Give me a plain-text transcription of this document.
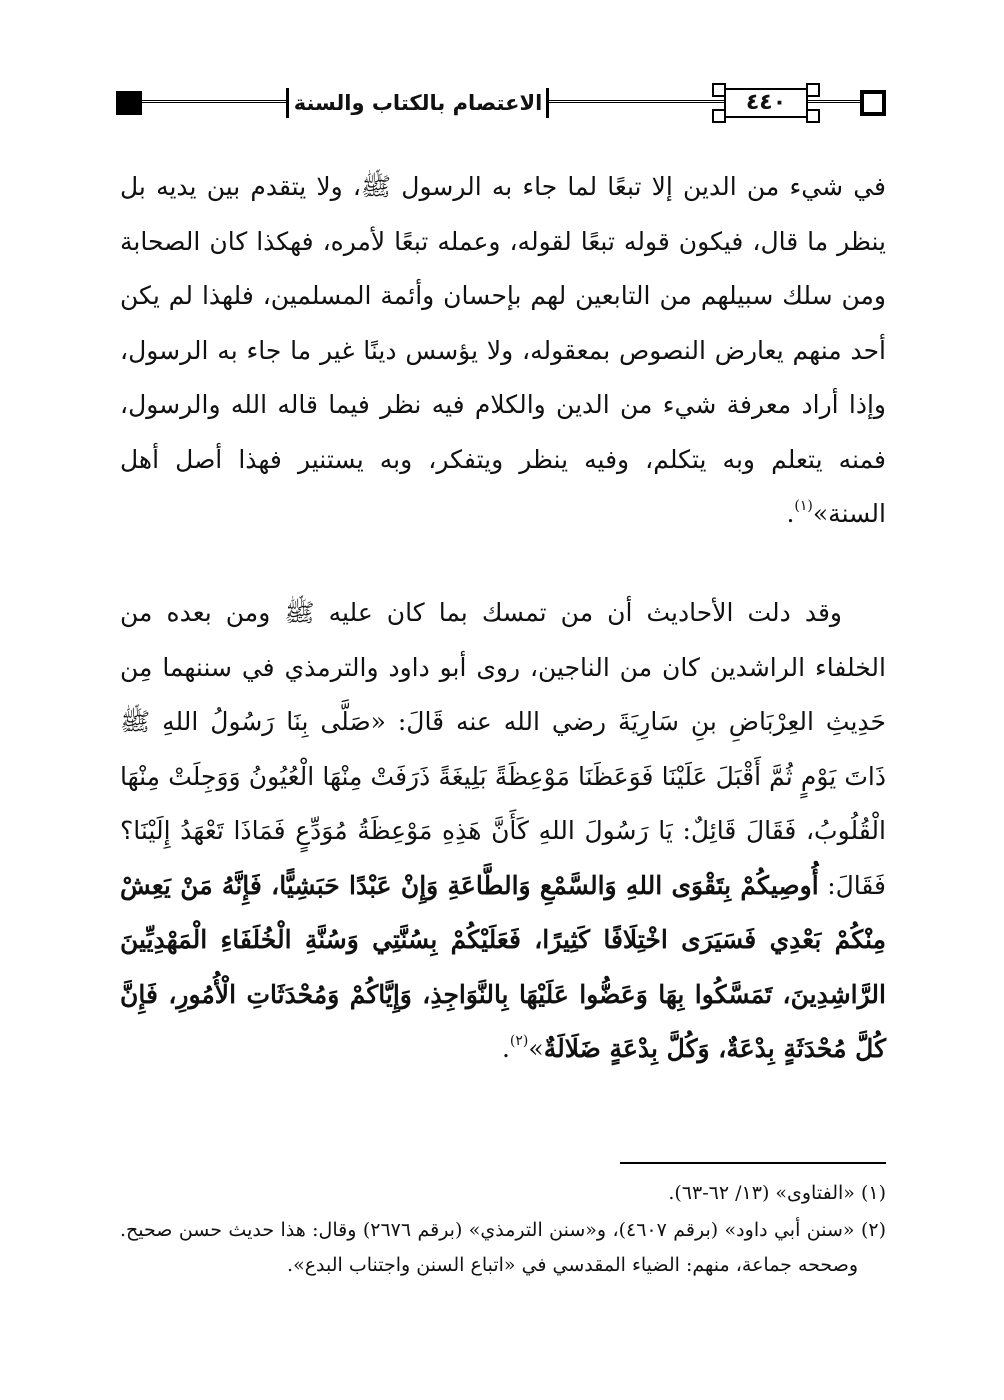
الاعتصام بالكتاب والسنة	٤٤٠
في شيء من الدين إلا تبعًا لما جاء به الرسول ﷺ، ولا يتقدم بين يديه بل ينظر ما قال، فيكون قوله تبعًا لقوله، وعمله تبعًا لأمره، فهكذا كان الصحابة ومن سلك سبيلهم من التابعين لهم بإحسان وأئمة المسلمين، فلهذا لم يكن أحد منهم يعارض النصوص بمعقوله، ولا يؤسس دينًا غير ما جاء به الرسول، وإذا أراد معرفة شيء من الدين والكلام فيه نظر فيما قاله الله والرسول، فمنه يتعلم وبه يتكلم، وفيه ينظر ويتفكر، وبه يستنير فهذا أصل أهل السنة»$^{(١)}$.
وقد دلت الأحاديث أن من تمسك بما كان عليه ﷺ ومن بعده من الخلفاء الراشدين كان من الناجين، روى أبو داود والترمذي في سننهما مِن حَدِيثِ العِرْبَاضِ بنِ سَارِيَةَ رضي الله عنه قَالَ: «صَلَّى بِنَا رَسُولُ اللهِ ﷺ ذَاتَ يَوْمٍ ثُمَّ أَقْبَلَ عَلَيْنَا فَوَعَظَنَا مَوْعِظَةً بَلِيغَةً ذَرَفَتْ مِنْهَا الْعُيُونُ وَوَجِلَتْ مِنْهَا الْقُلُوبُ، فَقَالَ قَائِلٌ: يَا رَسُولَ اللهِ كَأَنَّ هَذِهِ مَوْعِظَةُ مُوَدِّعٍ فَمَاذَا تَعْهَدُ إِلَيْنَا؟ فَقَالَ: أُوصِيكُمْ بِتَقْوَى اللهِ وَالسَّمْعِ وَالطَّاعَةِ وَإِنْ عَبْدًا حَبَشِيًّا، فَإِنَّهُ مَنْ يَعِشْ مِنْكُمْ بَعْدِي فَسَيَرَى اخْتِلَافًا كَثِيرًا، فَعَلَيْكُمْ بِسُنَّتِي وَسُنَّةِ الْخُلَفَاءِ الْمَهْدِيِّينَ الرَّاشِدِينَ، تَمَسَّكُوا بِهَا وَعَضُّوا عَلَيْهَا بِالنَّوَاجِذِ، وَإِيَّاكُمْ وَمُحْدَثَاتِ الْأُمُورِ، فَإِنَّ كُلَّ مُحْدَثَةٍ بِدْعَةٌ، وَكُلَّ بِدْعَةٍ ضَلَالَةٌ»$^{(٢)}$.

(١) «الفتاوى» (١٣/ ٦٢-٦٣).

(٢) «سنن أبي داود» (برقم ٤٦٠٧)، و«سنن الترمذي» (برقم ٢٦٧٦) وقال: هذا حديث حسن صحيح. وصححه جماعة، منهم: الضياء المقدسي في «اتباع السنن واجتناب البدع».
